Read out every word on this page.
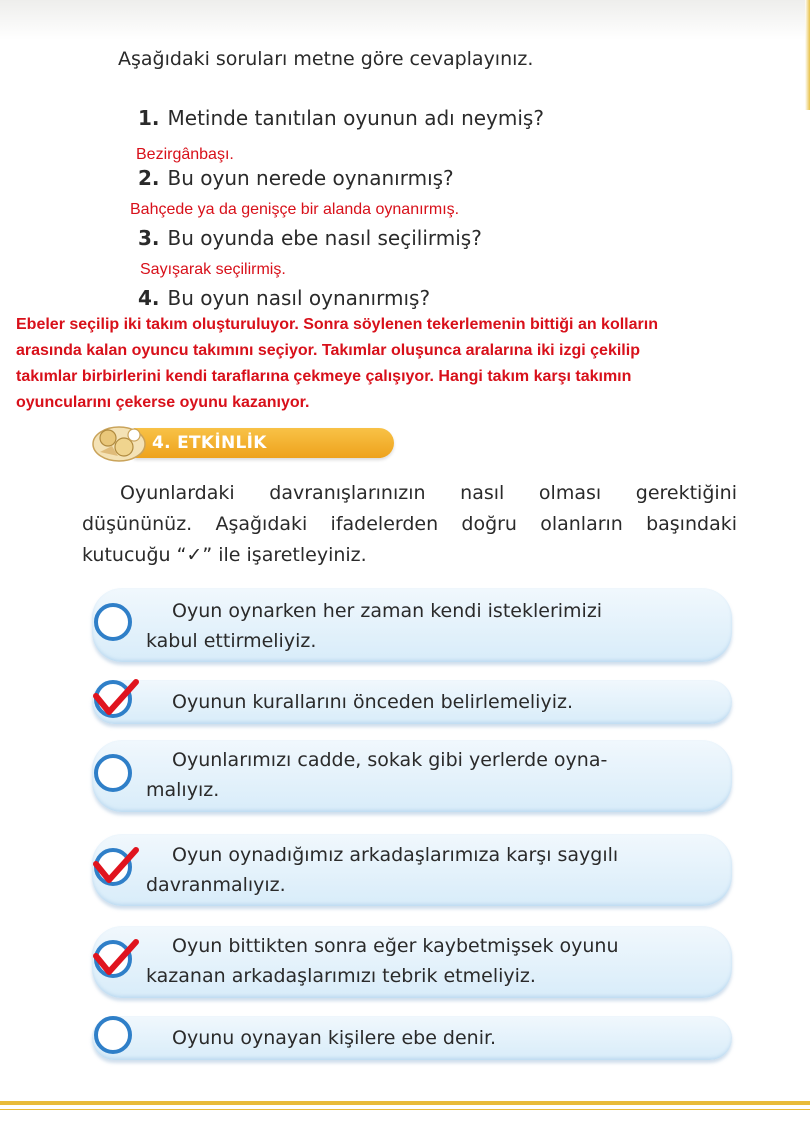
Aşağıdaki soruları metne göre cevaplayınız.
1. Metinde tanıtılan oyunun adı neymiş?
Bezirgânbaşı.
2. Bu oyun nerede oynanırmış?
Bahçede ya da genişçe bir alanda oynanırmış.
3. Bu oyunda ebe nasıl seçilirmiş?
Sayışarak seçilirmiş.
4. Bu oyun nasıl oynanırmış?

Ebeler seçilip iki takım oluşturuluyor. Sonra söylenen tekerlemenin bittiği an kolların

arasında kalan oyuncu takımını seçiyor. Takımlar oluşunca aralarına iki izgi çekilip

takımlar birbirlerini kendi taraflarına çekmeye çalışıyor. Hangi takım karşı takımın

oyuncularını çekerse oyunu kazanıyor.

4. ETKİNLİK
Oyunlardaki davranışlarınızın nasıl olması gerektiğini düşününüz. Aşağıdaki ifadelerden doğru olanların başındaki kutucuğu “✓” ile işaretleyiniz.
Oyun oynarken her zaman kendi isteklerimizi
kabul ettirmeliyiz.
Oyunun kurallarını önceden belirlemeliyiz.
Oyunlarımızı cadde, sokak gibi yerlerde oyna-
malıyız.
Oyun oynadığımız arkadaşlarımıza karşı saygılı
davranmalıyız.
Oyun bittikten sonra eğer kaybetmişsek oyunu
kazanan arkadaşlarımızı tebrik etmeliyiz.
Oyunu oynayan kişilere ebe denir.
